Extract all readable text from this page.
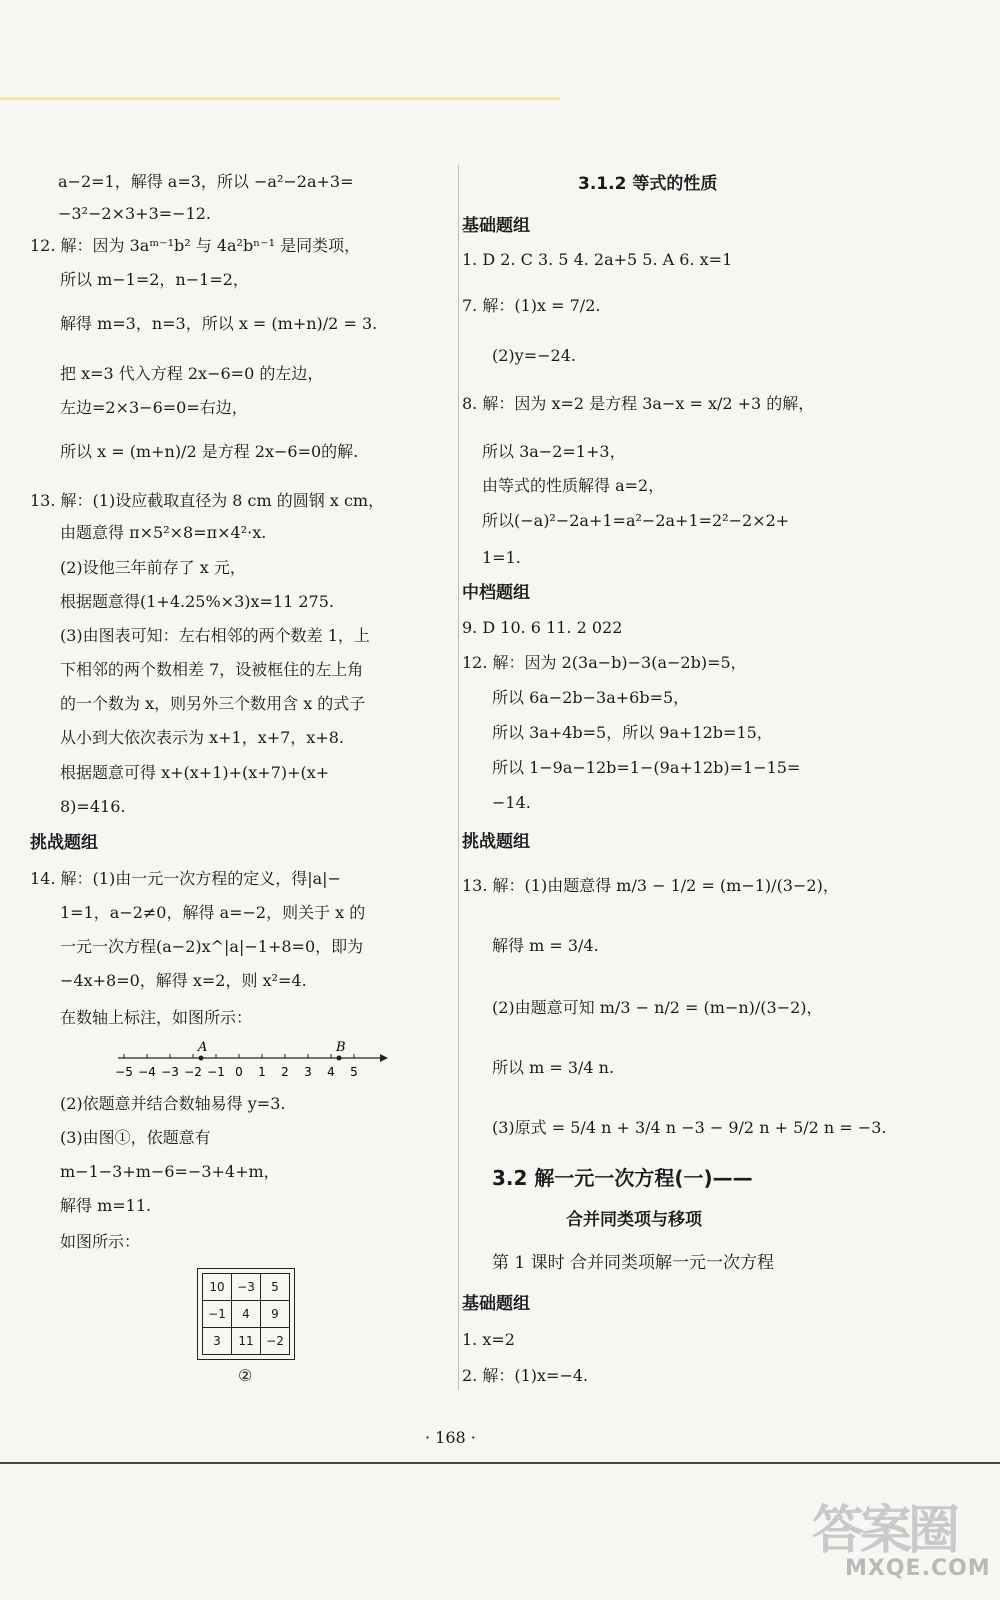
a−2=1，解得 a=3，所以 −a²−2a+3=
−3²−2×3+3=−12.
12. 解：因为 3aᵐ⁻¹b² 与 4a²bⁿ⁻¹ 是同类项，
所以 m−1=2，n−1=2，
解得 m=3，n=3，所以 x = (m+n)/2 = 3.
把 x=3 代入方程 2x−6=0 的左边，
左边=2×3−6=0=右边，
所以 x = (m+n)/2 是方程 2x−6=0的解.
13. 解：(1)设应截取直径为 8 cm 的圆钢 x cm，
由题意得 π×5²×8=π×4²·x.
(2)设他三年前存了 x 元，
根据题意得(1+4.25%×3)x=11 275.
(3)由图表可知：左右相邻的两个数差 1，上
下相邻的两个数相差 7，设被框住的左上角
的一个数为 x，则另外三个数用含 x 的式子
从小到大依次表示为 x+1，x+7，x+8.
根据题意可得 x+(x+1)+(x+7)+(x+
8)=416.
挑战题组
14. 解：(1)由一元一次方程的定义，得|a|−
1=1，a−2≠0，解得 a=−2，则关于 x 的
一元一次方程(a−2)x^|a|−1+8=0，即为
−4x+8=0，解得 x=2，则 x²=4.
在数轴上标注，如图所示：
−5 −4 −3 −2 −1 0 1 2 3 4 5
A	B
(2)依题意并结合数轴易得 y=3.
(3)由图①，依题意有
m−1−3+m−6=−3+4+m，
解得 m=11.
如图所示：
10	−3	5
−1	4	9
3	11	−2
②
3.1.2 等式的性质
基础题组
1. D 2. C 3. 5 4. 2a+5 5. A 6. x=1
7. 解：(1)x = 7/2.
(2)y=−24.
8. 解：因为 x=2 是方程 3a−x = x/2 +3 的解，
所以 3a−2=1+3，
由等式的性质解得 a=2，
所以(−a)²−2a+1=a²−2a+1=2²−2×2+
1=1.
中档题组
9. D 10. 6 11. 2 022
12. 解：因为 2(3a−b)−3(a−2b)=5，
所以 6a−2b−3a+6b=5，
所以 3a+4b=5，所以 9a+12b=15，
所以 1−9a−12b=1−(9a+12b)=1−15=
−14.
挑战题组
13. 解：(1)由题意得 m/3 − 1/2 = (m−1)/(3−2)，
解得 m = 3/4.
(2)由题意可知 m/3 − n/2 = (m−n)/(3−2)，
所以 m = 3/4 n.
(3)原式 = 5/4 n + 3/4 n −3 − 9/2 n + 5/2 n = −3.
3.2 解一元一次方程(一)——
合并同类项与移项
第 1 课时 合并同类项解一元一次方程
基础题组
1. x=2
2. 解：(1)x=−4.
· 168 ·
答案圈
MXQE.COM
